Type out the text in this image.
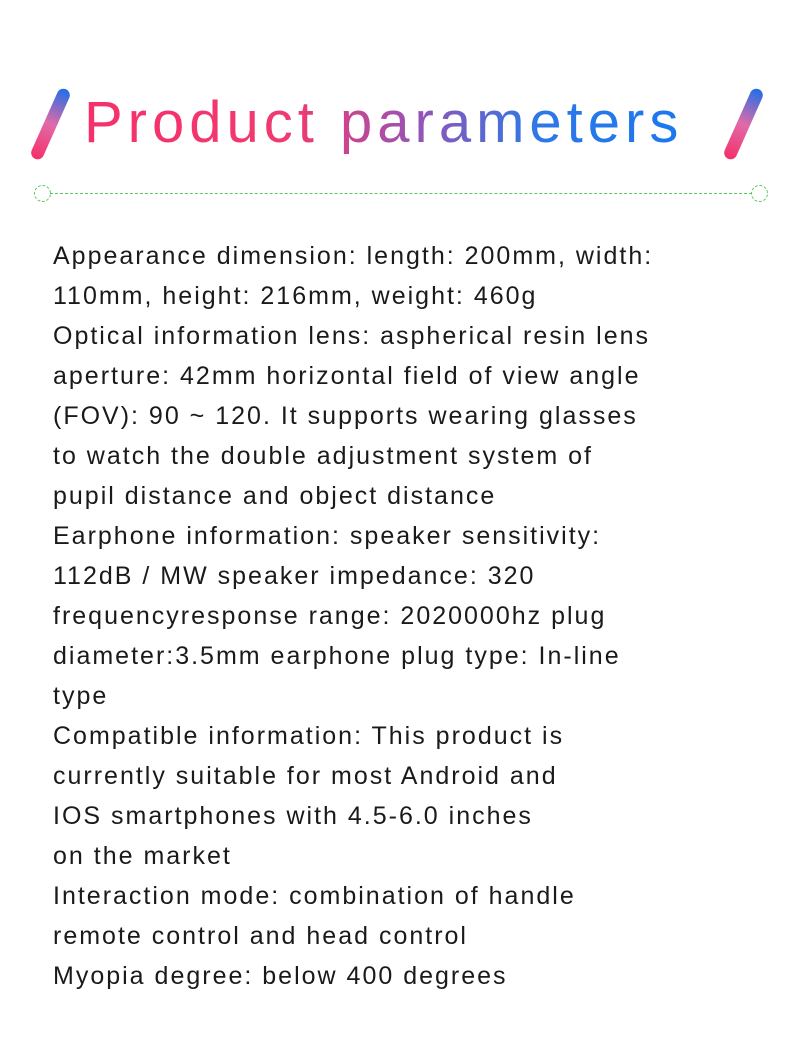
Product parameters

Appearance dimension: length: 200mm, width:

110mm, height: 216mm, weight: 460g

Optical information lens: aspherical resin lens

aperture: 42mm horizontal field of view angle

(FOV): 90 ~ 120. It supports wearing glasses

to watch the double adjustment system of

pupil distance and object distance

Earphone information: speaker sensitivity:

112dB / MW speaker impedance: 320

frequencyresponse range: 2020000hz plug

diameter:3.5mm earphone plug type: In-line

type

Compatible information: This product is

currently suitable for most Android and

IOS smartphones with 4.5-6.0 inches

on the market

Interaction mode: combination of handle

remote control and head control

Myopia degree: below 400 degrees
